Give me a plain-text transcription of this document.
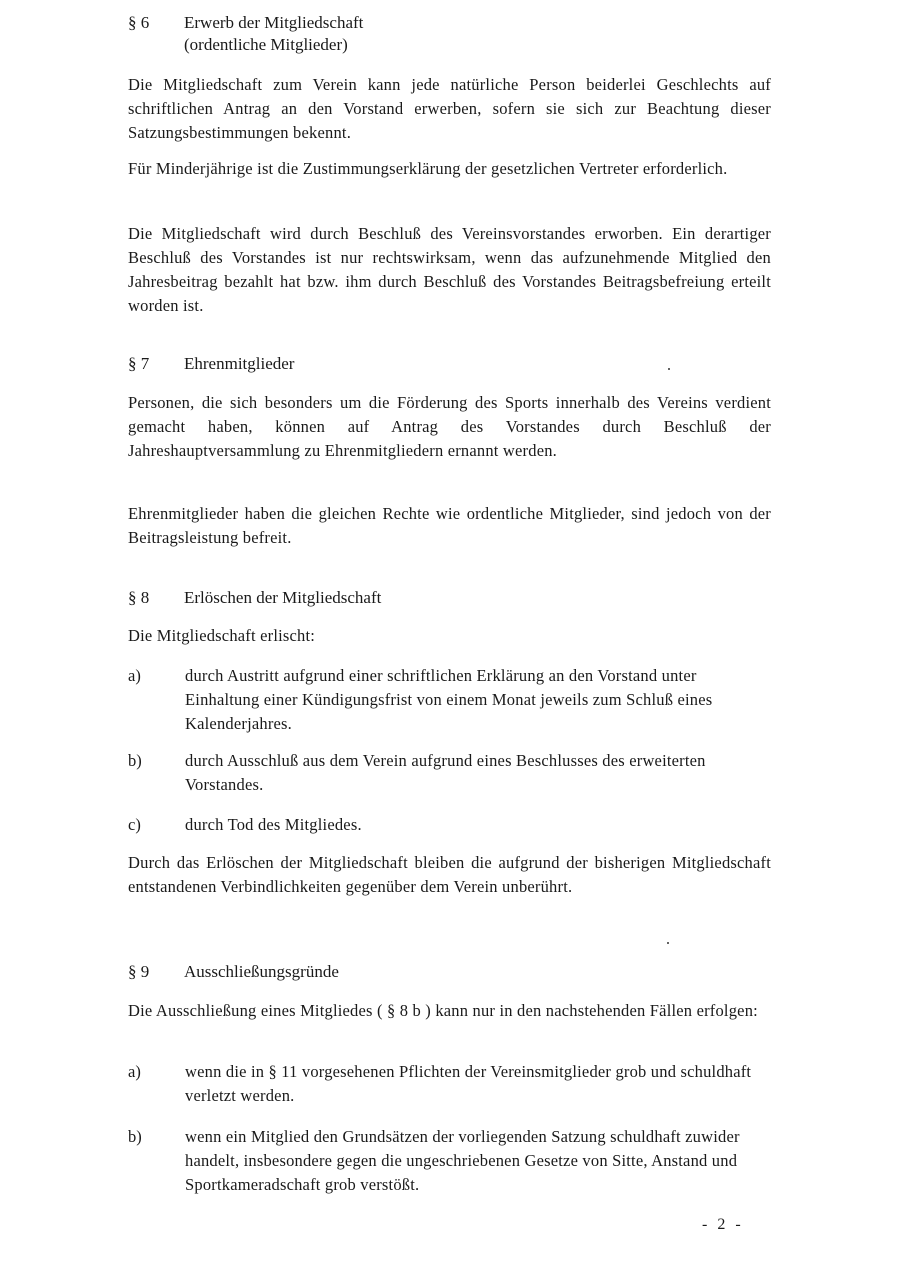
§ 6	Erwerb der Mitgliedschaft
(ordentliche Mitglieder)
Die Mitgliedschaft zum Verein kann jede natürliche Person beiderlei Geschlechts auf schriftlichen Antrag an den Vorstand erwerben, sofern sie sich zur Beachtung dieser Satzungsbestimmungen bekennt.
Für Minderjährige ist die Zustimmungserklärung der gesetzlichen Vertreter erforderlich.
Die Mitgliedschaft wird durch Beschluß des Vereinsvorstandes erworben. Ein derartiger Beschluß des Vorstandes ist nur rechtswirksam, wenn das aufzunehmende Mitglied den Jahresbeitrag bezahlt hat bzw. ihm durch Beschluß des Vorstandes Beitragsbefreiung erteilt worden ist.
§ 7	Ehrenmitglieder
Personen, die sich besonders um die Förderung des Sports innerhalb des Vereins verdient gemacht haben, können auf Antrag des Vorstandes durch Beschluß der Jahreshauptversammlung zu Ehrenmitgliedern ernannt werden.
Ehrenmitglieder haben die gleichen Rechte wie ordentliche Mitglieder, sind jedoch von der Beitragsleistung befreit.
§ 8	Erlöschen der Mitgliedschaft
Die Mitgliedschaft erlischt:
a)	durch Austritt aufgrund einer schriftlichen Erklärung an den Vorstand unter Einhaltung einer Kündigungsfrist von einem Monat jeweils zum Schluß eines Kalenderjahres.
b)	durch Ausschluß aus dem Verein aufgrund eines Beschlusses des erweiterten Vorstandes.
c)	durch Tod des Mitgliedes.
Durch das Erlöschen der Mitgliedschaft bleiben die aufgrund der bisherigen Mitgliedschaft entstandenen Verbindlichkeiten gegenüber dem Verein unberührt.
§ 9	Ausschließungsgründe
Die Ausschließung eines Mitgliedes ( § 8 b ) kann nur in den nachstehenden Fällen erfolgen:
a)	wenn die in § 11 vorgesehenen Pflichten der Vereinsmitglieder grob und schuldhaft verletzt werden.
b)	wenn ein Mitglied den Grundsätzen der vorliegenden Satzung schuldhaft zuwider handelt, insbesondere gegen die ungeschriebenen Gesetze von Sitte, Anstand und Sportkameradschaft grob verstößt.
- 2 -
